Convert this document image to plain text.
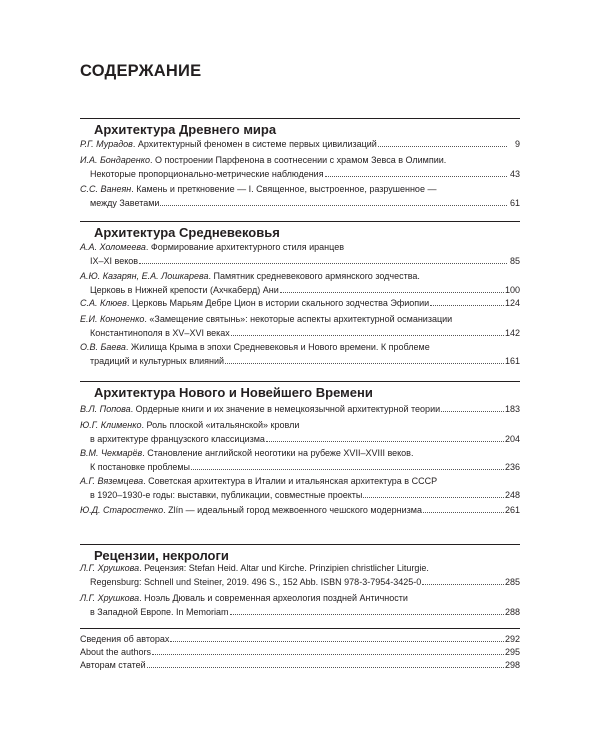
СОДЕРЖАНИЕ
Архитектура Древнего мира
Р.Г. Мурадов . Архитектурный феномен в системе первых цивилизаций	9
И.А. Бондаренко . О построении Парфенона в соотнесении с храмом Зевса в Олимпии.
Некоторые пропорционально-метрические наблюдения	43
С.С. Ванеян . Камень и преткновение — I. Священное, выстроенное, разрушенное —
между Заветами	61
Архитектура Средневековья
А.А. Холомеева . Формирование архитектурного стиля иранцев
IX–XI веков	85
А.Ю. Казарян, Е.А. Лошкарева . Памятник средневекового армянского зодчества.
Церковь в Нижней крепости (Ахчкаберд) Ани	100
С.А. Клюев . Церковь Марьям Дебре Цион в истории скального зодчества Эфиопии	124
Е.И. Кононенко . «Замещение святынь»: некоторые аспекты архитектурной османизации
Константинополя в XV–XVI веках	142
О.В. Баева . Жилища Крыма в эпохи Средневековья и Нового времени. К проблеме
традиций и культурных влияний	161
Архитектура Нового и Новейшего Времени
В.Л. Попова . Ордерные книги и их значение в немецкоязычной архитектурной теории	183
Ю.Г. Клименко . Роль плоской «итальянской» кровли
в архитектуре французского классицизма	204
В.М. Чекмарёв . Становление английской неоготики на рубеже XVII–XVIII веков.
К постановке проблемы	236
А.Г. Вяземцева . Советская архитектура в Италии и итальянская архитектура в СССР
в 1920–1930-е годы: выставки, публикации, совместные проекты	248
Ю.Д. Старостенко . Zlín — идеальный город межвоенного чешского модернизма	261
Рецензии, некрологи
Л.Г. Хрушкова . Рецензия: Stefan Heid. Altar und Kirche. Prinzipien christlicher Liturgie.
Regensburg: Schnell und Steiner, 2019. 496 S., 152 Abb. ISBN 978-3-7954-3425-0	285
Л.Г. Хрушкова . Ноэль Дюваль и современная археология поздней Античности
в Западной Европе. In Memoriam	288
Сведения об авторах	292
About the authors	295
Авторам статей	298
